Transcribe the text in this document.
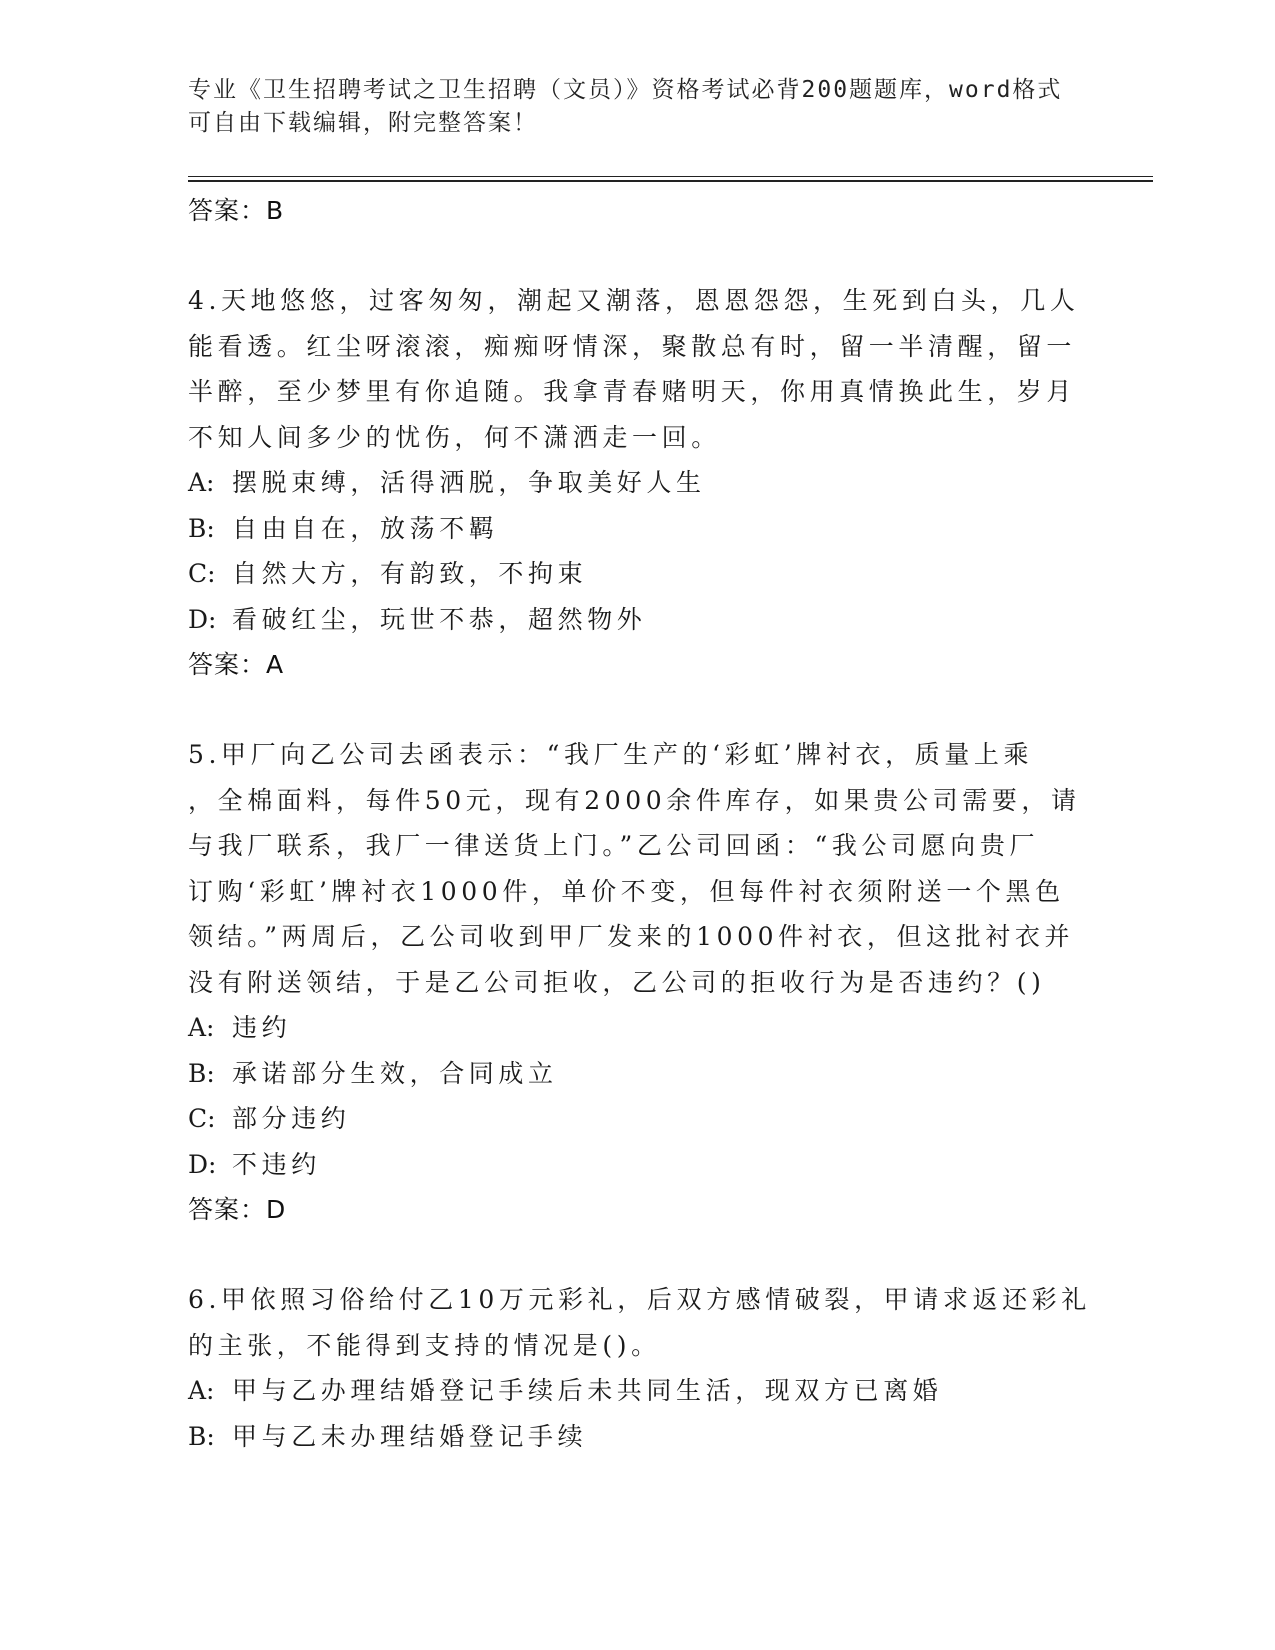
专业《卫生招聘考试之卫生招聘（文员）》资格考试必背200题题库，word格式
可自由下载编辑，附完整答案！
答案：B
4.天地悠悠，过客匆匆，潮起又潮落，恩恩怨怨，生死到白头，几人
能看透。红尘呀滚滚，痴痴呀情深，聚散总有时，留一半清醒，留一
半醉，至少梦里有你追随。我拿青春赌明天，你用真情换此生，岁月
不知人间多少的忧伤，何不潇洒走一回。
A: 摆脱束缚，活得洒脱，争取美好人生
B: 自由自在，放荡不羁
C: 自然大方，有韵致，不拘束
D: 看破红尘，玩世不恭，超然物外
答案：A
5.甲厂向乙公司去函表示：“我厂生产的‘彩虹’牌衬衣，质量上乘
，全棉面料，每件50元，现有2000余件库存，如果贵公司需要，请
与我厂联系，我厂一律送货上门。”乙公司回函：“我公司愿向贵厂
订购‘彩虹’牌衬衣1000件，单价不变，但每件衬衣须附送一个黑色
领结。”两周后，乙公司收到甲厂发来的1000件衬衣，但这批衬衣并
没有附送领结，于是乙公司拒收，乙公司的拒收行为是否违约？()
A: 违约
B: 承诺部分生效，合同成立
C: 部分违约
D: 不违约
答案：D
6.甲依照习俗给付乙10万元彩礼，后双方感情破裂，甲请求返还彩礼
的主张，不能得到支持的情况是()。
A: 甲与乙办理结婚登记手续后未共同生活，现双方已离婚
B: 甲与乙未办理结婚登记手续
